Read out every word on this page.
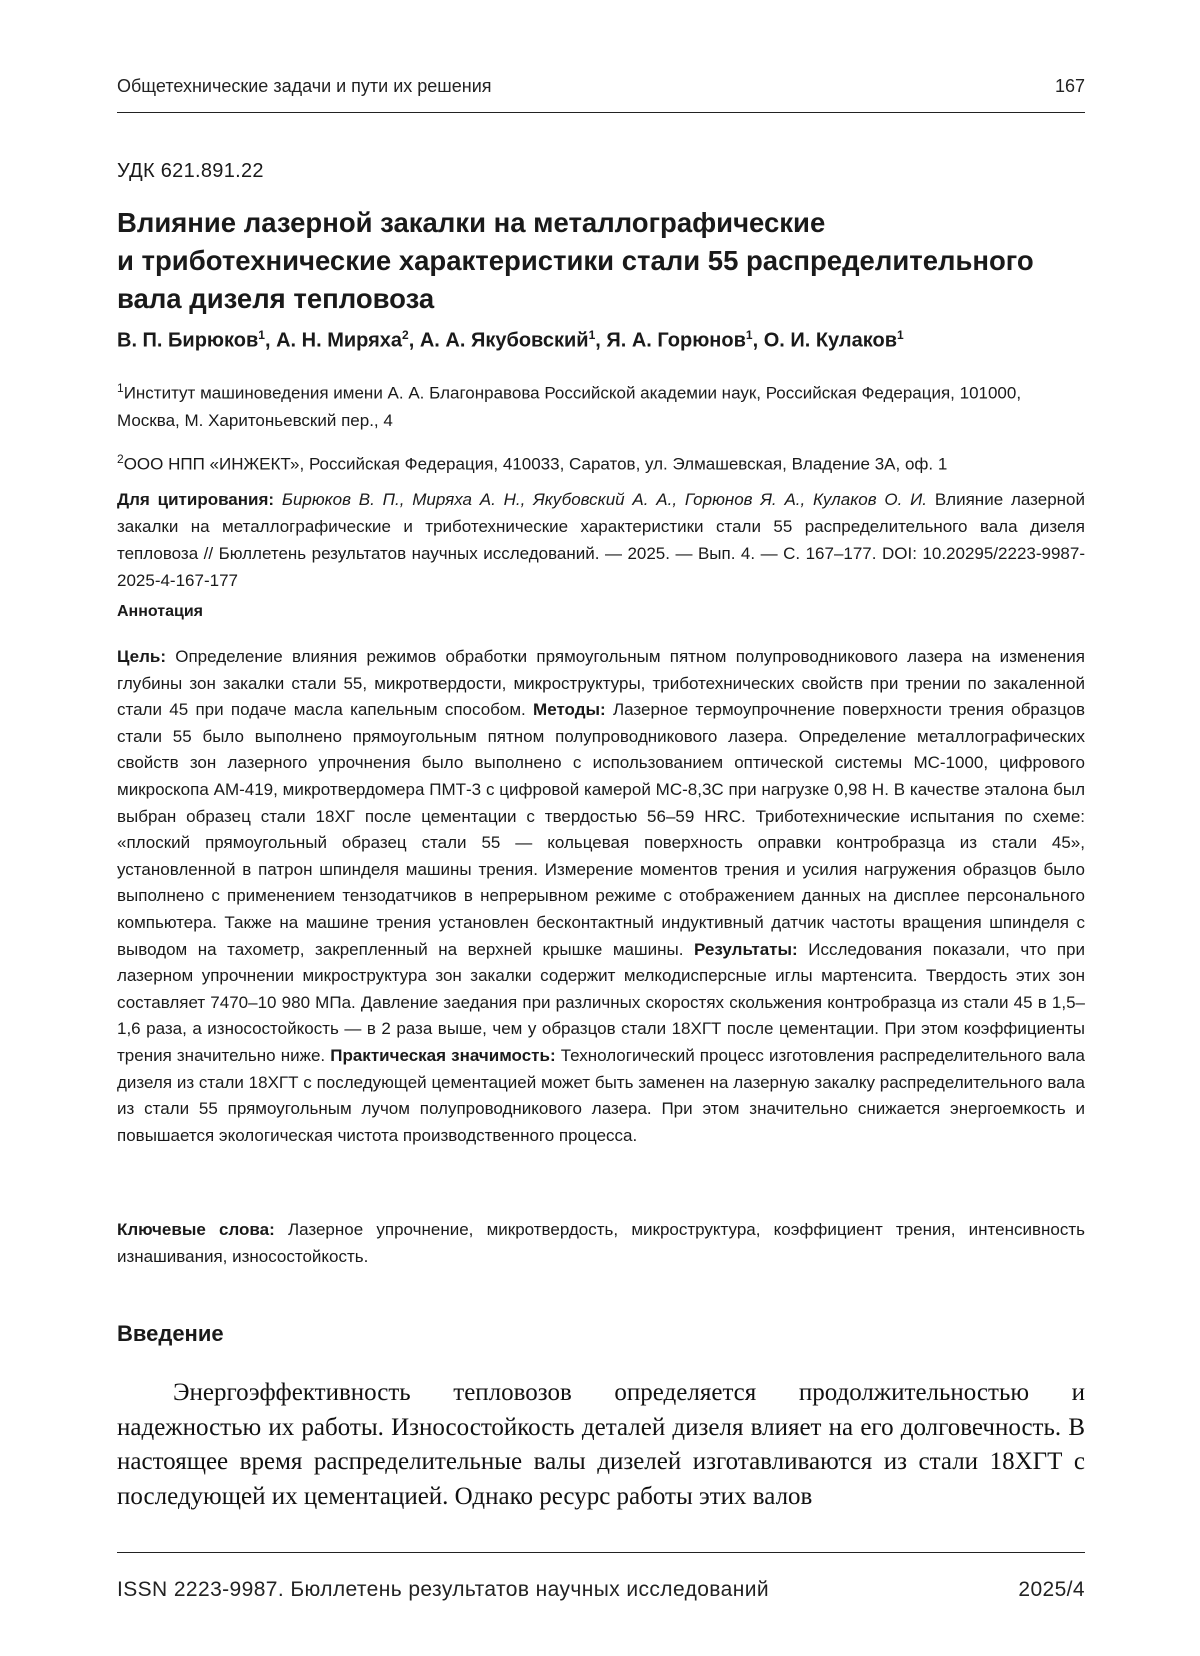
Общетехнические задачи и пути их решения	167
УДК 621.891.22
Влияние лазерной закалки на металлографические
и триботехнические характеристики стали 55 распределительного
вала дизеля тепловоза
В. П. Бирюков$^1$, А. Н. Миряха$^2$, А. А. Якубовский$^1$, Я. А. Горюнов$^1$, О. И. Кулаков$^1$
$^1$Институт машиноведения имени А. А. Благонравова Российской академии наук, Российская Федерация, 101000, Москва, М. Харитоньевский пер., 4
$^2$ООО НПП «ИНЖЕКТ», Российская Федерация, 410033, Саратов, ул. Элмашевская, Владение 3А, оф. 1
Для цитирования: Бирюков В. П., Миряха А. Н., Якубовский А. А., Горюнов Я. А., Кулаков О. И. Влияние лазерной закалки на металлографические и триботехнические характеристики стали 55 распределительного вала дизеля тепловоза // Бюллетень результатов научных исследований. — 2025. — Вып. 4. — С. 167–177. DOI: 10.20295/2223-9987-2025-4-167-177
Аннотация
Цель: Определение влияния режимов обработки прямоугольным пятном полупроводникового лазера на изменения глубины зон закалки стали 55, микротвердости, микроструктуры, триботехнических свойств при трении по закаленной стали 45 при подаче масла капельным способом. Методы: Лазерное термоупрочнение поверхности трения образцов стали 55 было выполнено прямоугольным пятном полупроводникового лазера. Определение металлографических свойств зон лазерного упрочнения было выполнено с использованием оптической системы МС-1000, цифрового микроскопа АМ-419, микротвердомера ПМТ-3 с цифровой камерой МС-8,3С при нагрузке 0,98 Н. В качестве эталона был выбран образец стали 18ХГ после цементации с твердостью 56–59 HRC. Триботехнические испытания по схеме: «плоский прямоугольный образец стали 55 — кольцевая поверхность оправки контробразца из стали 45», установленной в патрон шпинделя машины трения. Измерение моментов трения и усилия нагружения образцов было выполнено с применением тензодатчиков в непрерывном режиме с отображением данных на дисплее персонального компьютера. Также на машине трения установлен бесконтактный индуктивный датчик частоты вращения шпинделя с выводом на тахометр, закрепленный на верхней крышке машины. Результаты: Исследования показали, что при лазерном упрочнении микроструктура зон закалки содержит мелкодисперсные иглы мартенсита. Твердость этих зон составляет 7470–10 980 МПа. Давление заедания при различных скоростях скольжения контробразца из стали 45 в 1,5–1,6 раза, а износостойкость — в 2 раза выше, чем у образцов стали 18ХГТ после цементации. При этом коэффициенты трения значительно ниже. Практическая значимость: Технологический процесс изготовления распределительного вала дизеля из стали 18ХГТ с последующей цементацией может быть заменен на лазерную закалку распределительного вала из стали 55 прямоугольным лучом полупроводникового лазера. При этом значительно снижается энергоемкость и повышается экологическая чистота производственного процесса.
Ключевые слова: Лазерное упрочнение, микротвердость, микроструктура, коэффициент трения, интенсивность изнашивания, износостойкость.
Введение
Энергоэффективность тепловозов определяется продолжительностью и надежностью их работы. Износостойкость деталей дизеля влияет на его долговечность. В настоящее время распределительные валы дизелей изготавливаются из стали 18ХГТ с последующей их цементацией. Однако ресурс работы этих валов
ISSN 2223-9987. Бюллетень результатов научных исследований	2025/4
